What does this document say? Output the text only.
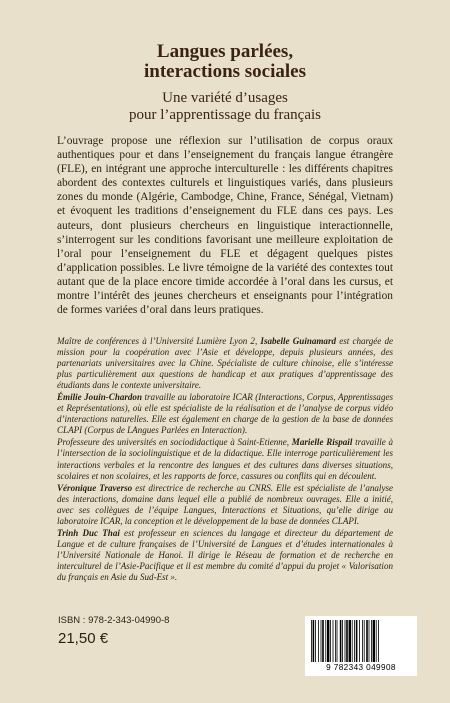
Langues parlées,
interactions sociales
Une variété d’usages
pour l’apprentissage du français

L’ouvrage propose une réflexion sur l’utilisation de corpus oraux authentiques pour et dans l’enseignement du français langue étrangère (FLE), en intégrant une approche interculturelle : les différents chapitres abordent des contextes culturels et linguistiques variés, dans plusieurs zones du monde (Algérie, Cambodge, Chine, France, Sénégal, Vietnam) et évoquent les traditions d’enseignement du FLE dans ces pays. Les auteurs, dont plusieurs chercheurs en linguistique interactionnelle, s’interrogent sur les conditions favorisant une meilleure exploitation de l’oral pour l’enseignement du FLE et dégagent quelques pistes d’application possibles. Le livre témoigne de la variété des contextes tout autant que de la place encore timide accordée à l’oral dans les cursus, et montre l’intérêt des jeunes chercheurs et enseignants pour l’intégration de formes variées d’oral dans leurs pratiques.

Maître de conférences à l’Université Lumière Lyon 2, Isabelle Guinamard est chargée de mission pour la coopération avec l’Asie et développe, depuis plusieurs années, des partenariats universitaires avec la Chine. Spécialiste de culture chinoise, elle s’intéresse plus particulièrement aux questions de handicap et aux pratiques d’apprentissage des étudiants dans le contexte universitaire.

Émilie Jouin-Chardon travaille au laboratoire ICAR (Interactions, Corpus, Apprentissages et Représentations), où elle est spécialiste de la réalisation et de l’analyse de corpus vidéo d’interactions naturelles. Elle est également en charge de la gestion de la base de données CLAPI (Corpus de LAngues Parlées en Interaction).

Professeure des universités en sociodidactique à Saint-Etienne, Marielle Rispail travaille à l’intersection de la sociolinguistique et de la didactique. Elle interroge particulièrement les interactions verbales et la rencontre des langues et des cultures dans diverses situations, scolaires et non scolaires, et les rapports de force, cassures ou conflits qui en découlent.

Véronique Traverso est directrice de recherche au CNRS. Elle est spécialiste de l’analyse des interactions, domaine dans lequel elle a publié de nombreux ouvrages. Elle a initié, avec ses collègues de l’équipe Langues, Interactions et Situations, qu’elle dirige au laboratoire ICAR, la conception et le développement de la base de données CLAPI.

Trinh Duc Thai est professeur en sciences du langage et directeur du département de Langue et de culture françaises de l’Université de Langues et d’études internationales à l’Université Nationale de Hanoi. Il dirige le Réseau de formation et de recherche en interculturel de l’Asie-Pacifique et il est membre du comité d’appui du projet « Valorisation du français en Asie du Sud-Est ».

ISBN : 978-2-343-04990-8
21,50 €
9 782343 049908
